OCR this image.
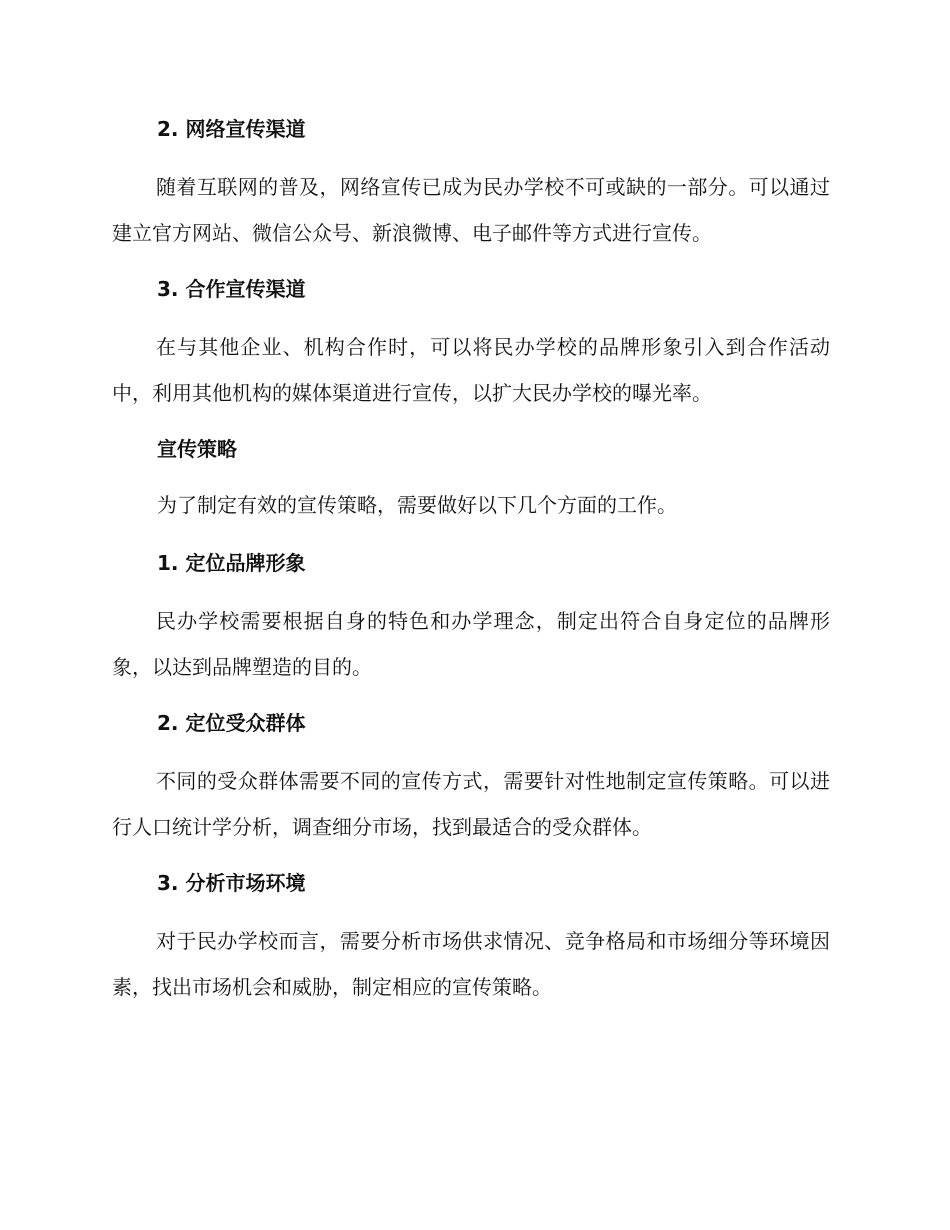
2. 网络宣传渠道
随着互联网的普及，网络宣传已成为民办学校不可或缺的一部分。可以通过建立官方网站、微信公众号、新浪微博、电子邮件等方式进行宣传。
3. 合作宣传渠道
在与其他企业、机构合作时，可以将民办学校的品牌形象引入到合作活动中，利用其他机构的媒体渠道进行宣传，以扩大民办学校的曝光率。
宣传策略
为了制定有效的宣传策略，需要做好以下几个方面的工作。
1. 定位品牌形象
民办学校需要根据自身的特色和办学理念，制定出符合自身定位的品牌形象，以达到品牌塑造的目的。
2. 定位受众群体
不同的受众群体需要不同的宣传方式，需要针对性地制定宣传策略。可以进行人口统计学分析，调查细分市场，找到最适合的受众群体。
3. 分析市场环境
对于民办学校而言，需要分析市场供求情况、竞争格局和市场细分等环境因素，找出市场机会和威胁，制定相应的宣传策略。
